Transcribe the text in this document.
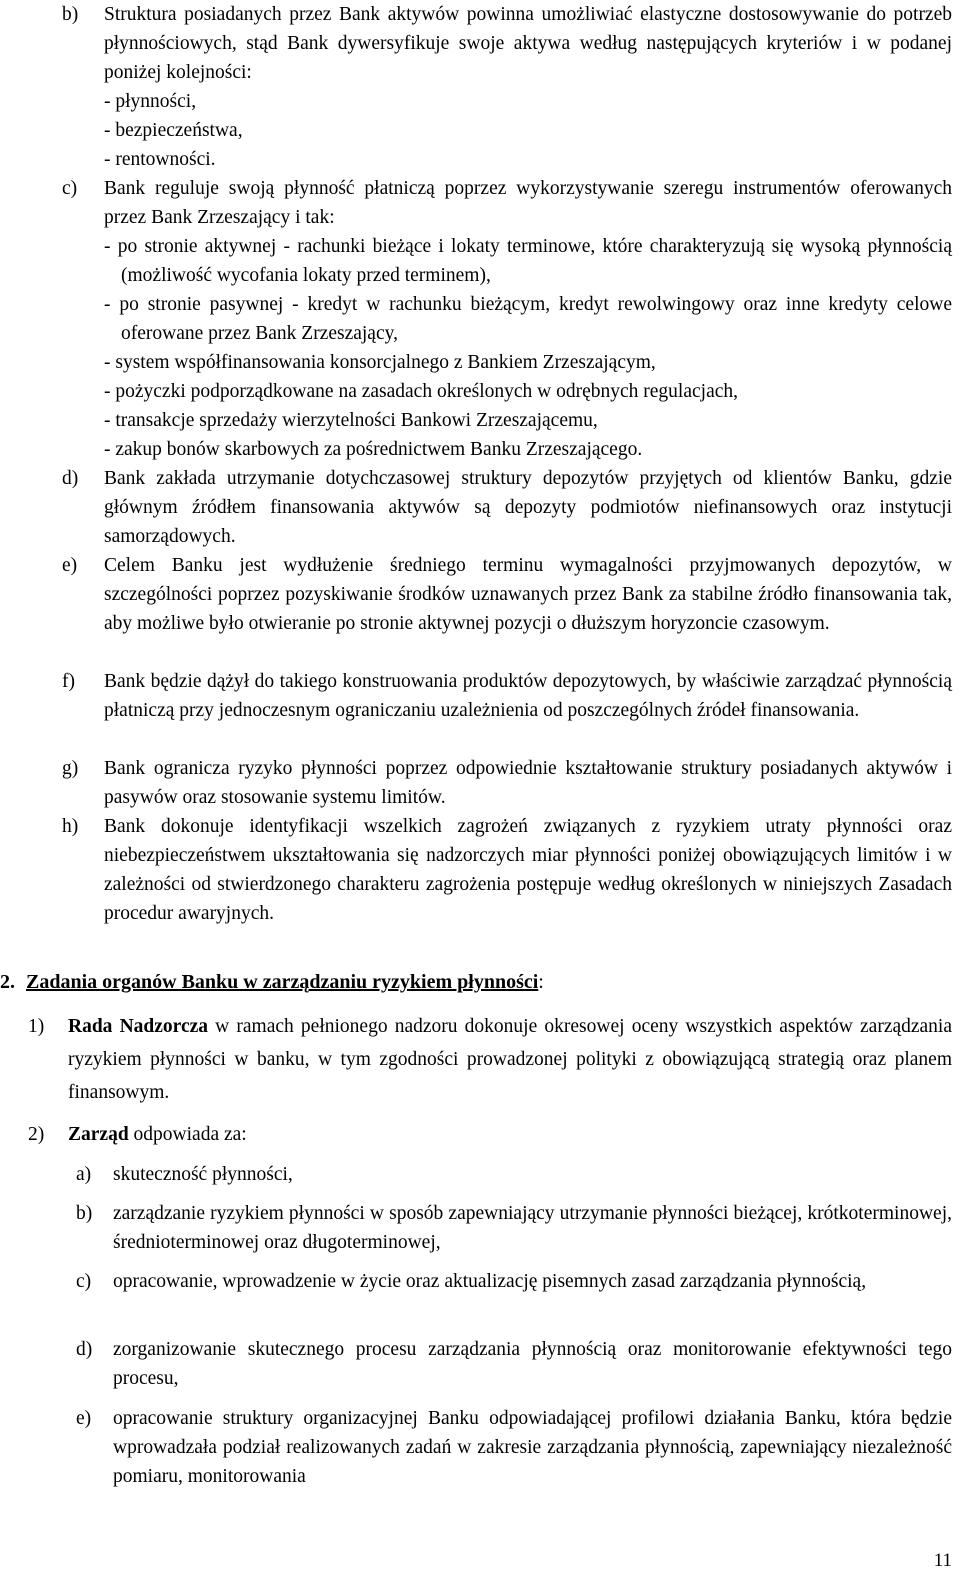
b)	Struktura posiadanych przez Bank aktywów powinna umożliwiać elastyczne dostosowywanie do potrzeb płynnościowych, stąd Bank dywersyfikuje swoje aktywa według następujących kryteriów i w podanej poniżej kolejności:
- płynności,
- bezpieczeństwa,
- rentowności.
c)	Bank reguluje swoją płynność płatniczą poprzez wykorzystywanie szeregu instrumentów oferowanych przez Bank Zrzeszający i tak:
- po stronie aktywnej - rachunki bieżące i lokaty terminowe, które charakteryzują się wysoką płynnością (możliwość wycofania lokaty przed terminem),
- po stronie pasywnej - kredyt w rachunku bieżącym, kredyt rewolwingowy oraz inne kredyty celowe oferowane przez Bank Zrzeszający,
- system współfinansowania konsorcjalnego z Bankiem Zrzeszającym,
- pożyczki podporządkowane na zasadach określonych w odrębnych regulacjach,
- transakcje sprzedaży wierzytelności Bankowi Zrzeszającemu,
- zakup bonów skarbowych za pośrednictwem Banku Zrzeszającego.
d)	Bank zakłada utrzymanie dotychczasowej struktury depozytów przyjętych od klientów Banku, gdzie głównym źródłem finansowania aktywów są depozyty podmiotów niefinansowych oraz instytucji samorządowych.
e)	Celem Banku jest wydłużenie średniego terminu wymagalności przyjmowanych depozytów, w szczególności poprzez pozyskiwanie środków uznawanych przez Bank za stabilne źródło finansowania tak, aby możliwe było otwieranie po stronie aktywnej pozycji o dłuższym horyzoncie czasowym.
f)	Bank będzie dążył do takiego konstruowania produktów depozytowych, by właściwie zarządzać płynnością płatniczą przy jednoczesnym ograniczaniu uzależnienia od poszczególnych źródeł finansowania.
g)	Bank ogranicza ryzyko płynności poprzez odpowiednie kształtowanie struktury posiadanych aktywów i pasywów oraz stosowanie systemu limitów.
h)	Bank dokonuje identyfikacji wszelkich zagrożeń związanych z ryzykiem utraty płynności oraz niebezpieczeństwem ukształtowania się nadzorczych miar płynności poniżej obowiązujących limitów i w zależności od stwierdzonego charakteru zagrożenia postępuje według określonych w niniejszych Zasadach procedur awaryjnych.
2. Zadania organów Banku w zarządzaniu ryzykiem płynności:
1)	Rada Nadzorcza w ramach pełnionego nadzoru dokonuje okresowej oceny wszystkich aspektów zarządzania ryzykiem płynności w banku, w tym zgodności prowadzonej polityki z obowiązującą strategią oraz planem finansowym.
2)	Zarząd odpowiada za:
a)	skuteczność płynności,
b)	zarządzanie ryzykiem płynności w sposób zapewniający utrzymanie płynności bieżącej, krótkoterminowej, średnioterminowej oraz długoterminowej,
c)	opracowanie, wprowadzenie w życie oraz aktualizację pisemnych zasad zarządzania płynnością,
d)	zorganizowanie skutecznego procesu zarządzania płynnością oraz monitorowanie efektywności tego procesu,
e)	opracowanie struktury organizacyjnej Banku odpowiadającej profilowi działania Banku, która będzie wprowadzała podział realizowanych zadań w zakresie zarządzania płynnością, zapewniający niezależność pomiaru, monitorowania
11
